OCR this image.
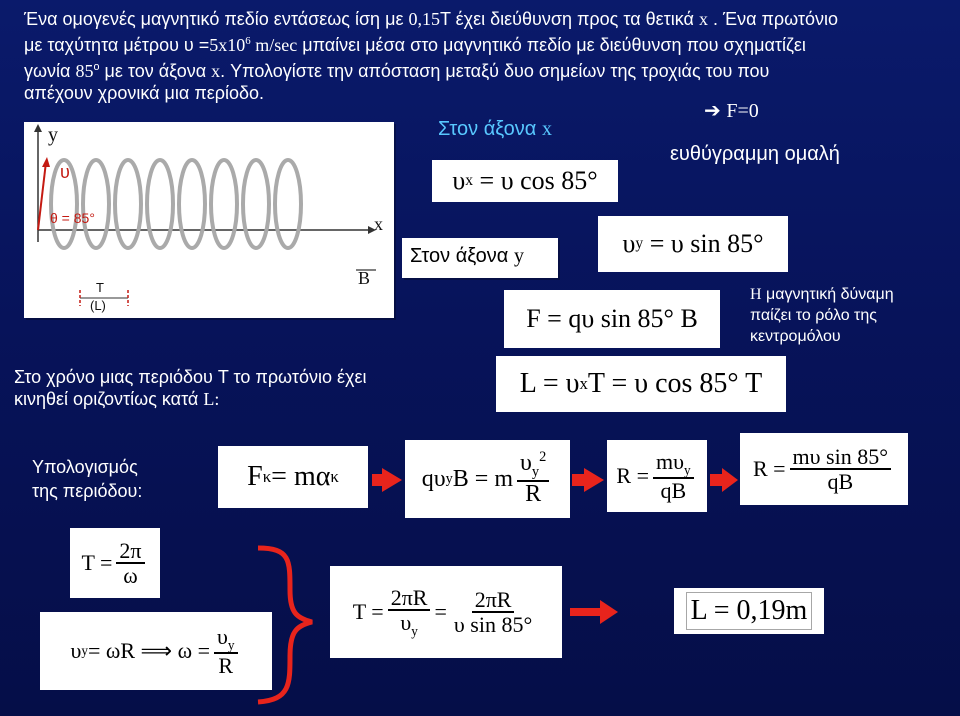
Ένα ομογενές μαγνητικό πεδίο εντάσεως ίση με 0,15T έχει διεύθυνση προς τα θετικά x . Ένα πρωτόνιο
με ταχύτητα μέτρου $\upsilon =5x10^6$ m/sec μπαίνει μέσα στο μαγνητικό πεδίο με διεύθυνση που σχηματίζει
γωνία $85^o$ με τον άξονα x. Υπολογίστε την απόσταση μεταξύ δυο σημείων της τροχιάς του που
απέχουν χρονικά μια περίοδο.
y
υ
θ = 85°	x
B
T
(L)
Στον άξονα x
υ x
= υ cos 85°
➔ F=0
ευθύγραμμη ομαλή
Στον άξονα y	υ y
= υ sin 85°
F = qυ sin 85° B
Η μαγνητική δύναμη
παίζει το ρόλο της
κεντρομόλου
Στο χρόνο μιας περιόδου T το πρωτόνιο έχει
κινηθεί οριζοντίως κατά L:	L = υ x T = υ cos 85° T
Υπολογισμός
της περιόδου:	F κ = mα κ	qυ y B = m $\frac{\upsilon_y^2}{R}$	$R = \frac{m\upsilon_y}{qB}$	$R = \frac{\text{mυ sin 85°}}{qB}$
$T = \frac{2\pi}{\omega}$
υ y = ωR ⟹ $\omega = \frac{\upsilon_y}{R}$
$T = \frac{2\pi R}{\upsilon_y} = \frac{2\pi R}{\text{υ sin 85°}}$	L = 0,19m
